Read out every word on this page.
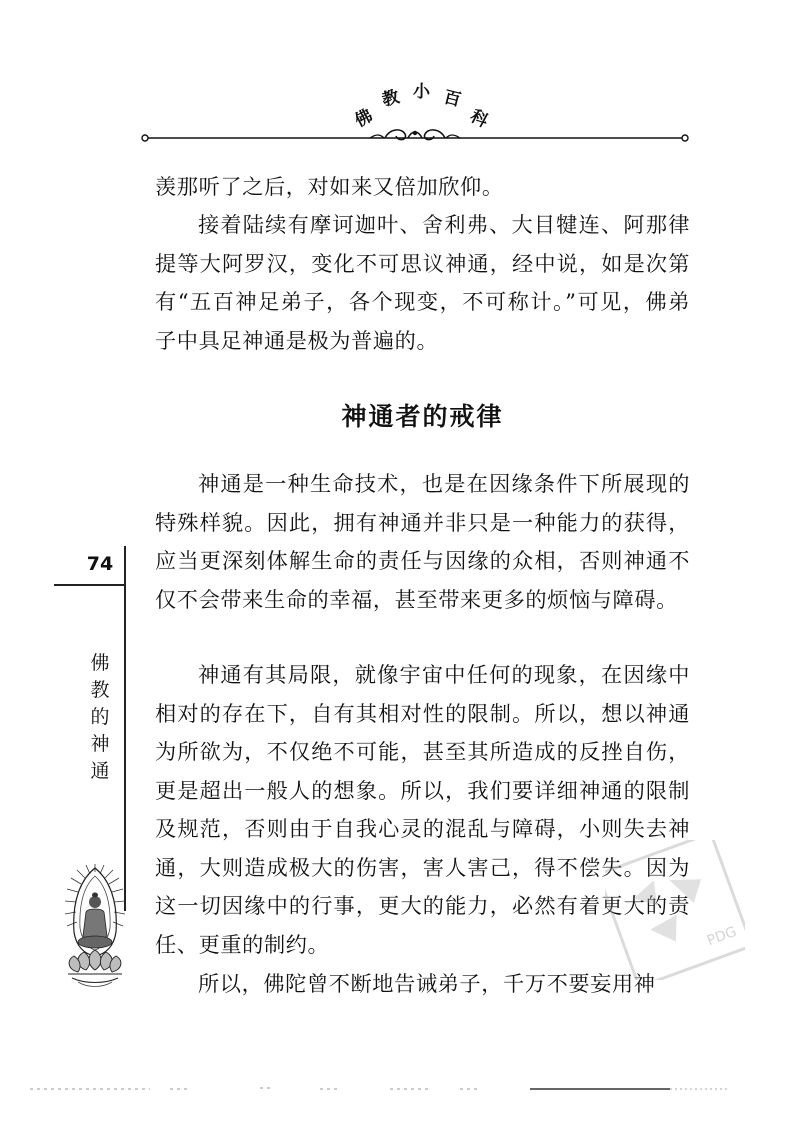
佛
教 小 百
科

羡那听了之后，对如来又倍加欣仰。

接着陆续有摩诃迦叶、舍利弗、大目犍连、阿那律提等大阿罗汉，变化不可思议神通，经中说，如是次第有“五百神足弟子，各个现变，不可称计。”可见，佛弟子中具足神通是极为普遍的。

神通者的戒律

神通是一种生命技术，也是在因缘条件下所展现的特殊样貌。因此，拥有神通并非只是一种能力的获得，应当更深刻体解生命的责任与因缘的众相，否则神通不仅不会带来生命的幸福，甚至带来更多的烦恼与障碍。

神通有其局限，就像宇宙中任何的现象，在因缘中相对的存在下，自有其相对性的限制。所以，想以神通为所欲为，不仅绝不可能，甚至其所造成的反挫自伤，更是超出一般人的想象。所以，我们要详细神通的限制及规范，否则由于自我心灵的混乱与障碍，小则失去神通，大则造成极大的伤害，害人害己，得不偿失。因为这一切因缘中的行事，更大的能力，必然有着更大的责任、更重的制约。

所以，佛陀曾不断地告诫弟子，千万不要妄用神

74
佛
教
的
神
通
PDG
